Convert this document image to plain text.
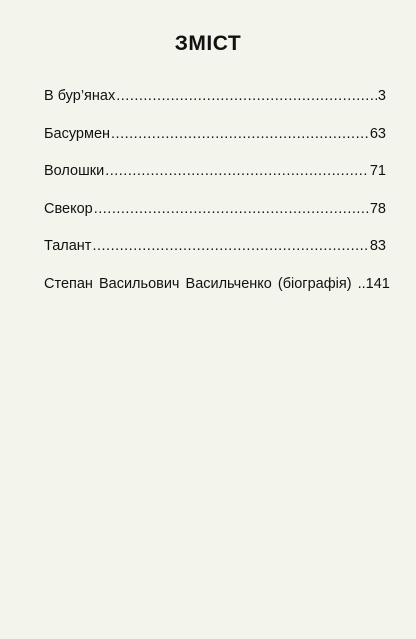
ЗМІСТ
В бур’янах .....	3
Басурмен .....	63
Волошки .....	71
Свекор .....	78
Талант .....	83
Степан Васильович Васильченко (біографія) .. 141
